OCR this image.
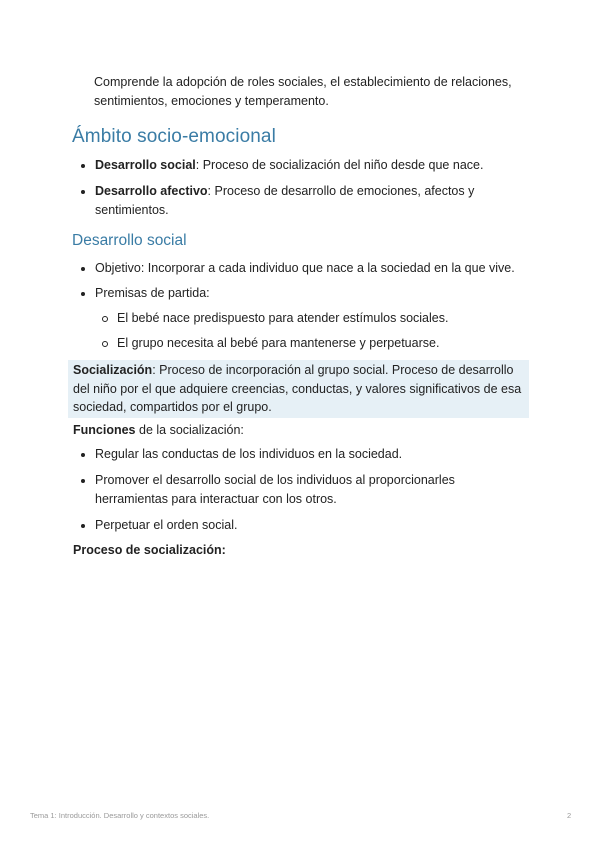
Comprende la adopción de roles sociales, el establecimiento de relaciones, sentimientos, emociones y temperamento.

Ámbito socio-emocional
Desarrollo social: Proceso de socialización del niño desde que nace.
Desarrollo afectivo: Proceso de desarrollo de emociones, afectos y sentimientos.
Desarrollo social
Objetivo: Incorporar a cada individuo que nace a la sociedad en la que vive.
Premisas de partida:
El bebé nace predispuesto para atender estímulos sociales.
El grupo necesita al bebé para mantenerse y perpetuarse.
Socialización: Proceso de incorporación al grupo social. Proceso de desarrollo del niño por el que adquiere creencias, conductas, y valores significativos de esa sociedad, compartidos por el grupo.

Funciones de la socialización:

Regular las conductas de los individuos en la sociedad.
Promover el desarrollo social de los individuos al proporcionarles herramientas para interactuar con los otros.
Perpetuar el orden social.

Proceso de socialización:

Tema 1: Introducción. Desarrollo y contextos sociales.	2
